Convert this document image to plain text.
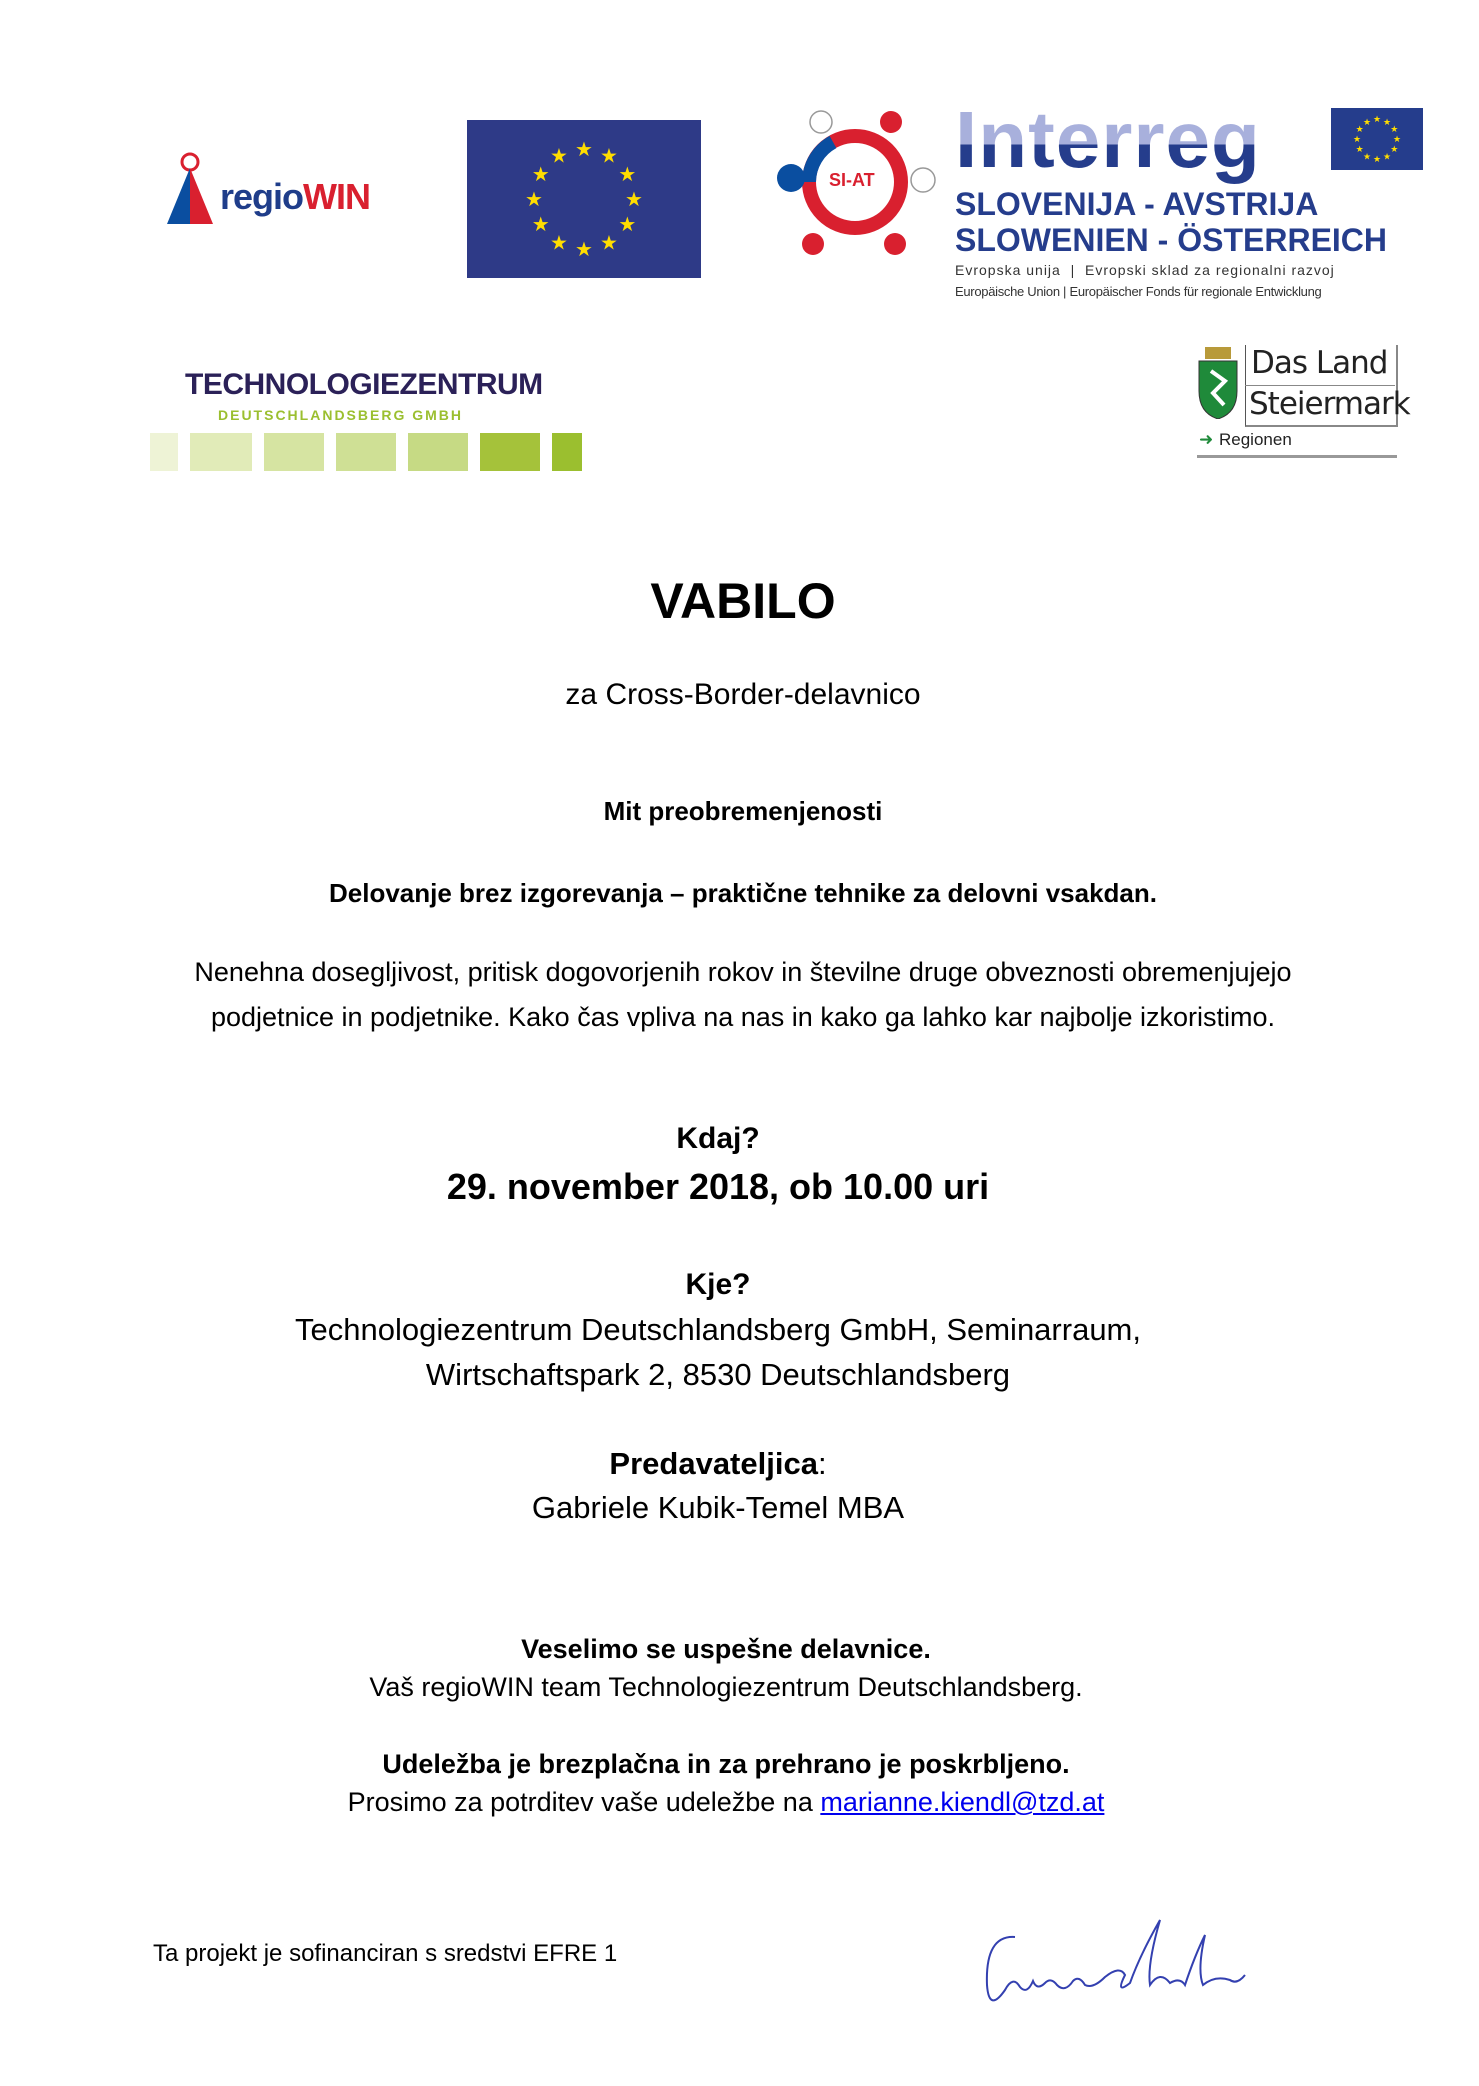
regioWIN
★ ★
★
★
★
★
★
★
★
★
★
★
SI-AT Interreg	★ ★
★
★
★
★
★
★
★
★
★
★
SLOVENIJA - AVSTRIJA
SLOWENIEN - ÖSTERREICH
Evropska unija  |  Evropski sklad za regionalni razvoj
Europäische Union | Europäischer Fonds für regionale Entwicklung
TECHNOLOGIEZENTRUM
DEUTSCHLANDSBERG GMBH
Das Land
Steiermark
➜ Regionen
VABILO
za Cross-Border-delavnico
Mit preobremenjenosti
Delovanje brez izgorevanja – praktične tehnike za delovni vsakdan.
Nenehna dosegljivost, pritisk dogovorjenih rokov in številne druge obveznosti obremenjujejo
podjetnice in podjetnike. Kako čas vpliva na nas in kako ga lahko kar najbolje izkoristimo.
Kdaj?
29. november 2018, ob 10.00 uri
Kje?
Technologiezentrum Deutschlandsberg GmbH, Seminarraum,
Wirtschaftspark 2, 8530 Deutschlandsberg
Predavateljica:
Gabriele Kubik-Temel MBA
Veselimo se uspešne delavnice.
Vaš regioWIN team Technologiezentrum Deutschlandsberg.
Udeležba je brezplačna in za prehrano je poskrbljeno.
Prosimo za potrditev vaše udeležbe na marianne.kiendl@tzd.at
Ta projekt je sofinanciran s sredstvi EFRE 1
